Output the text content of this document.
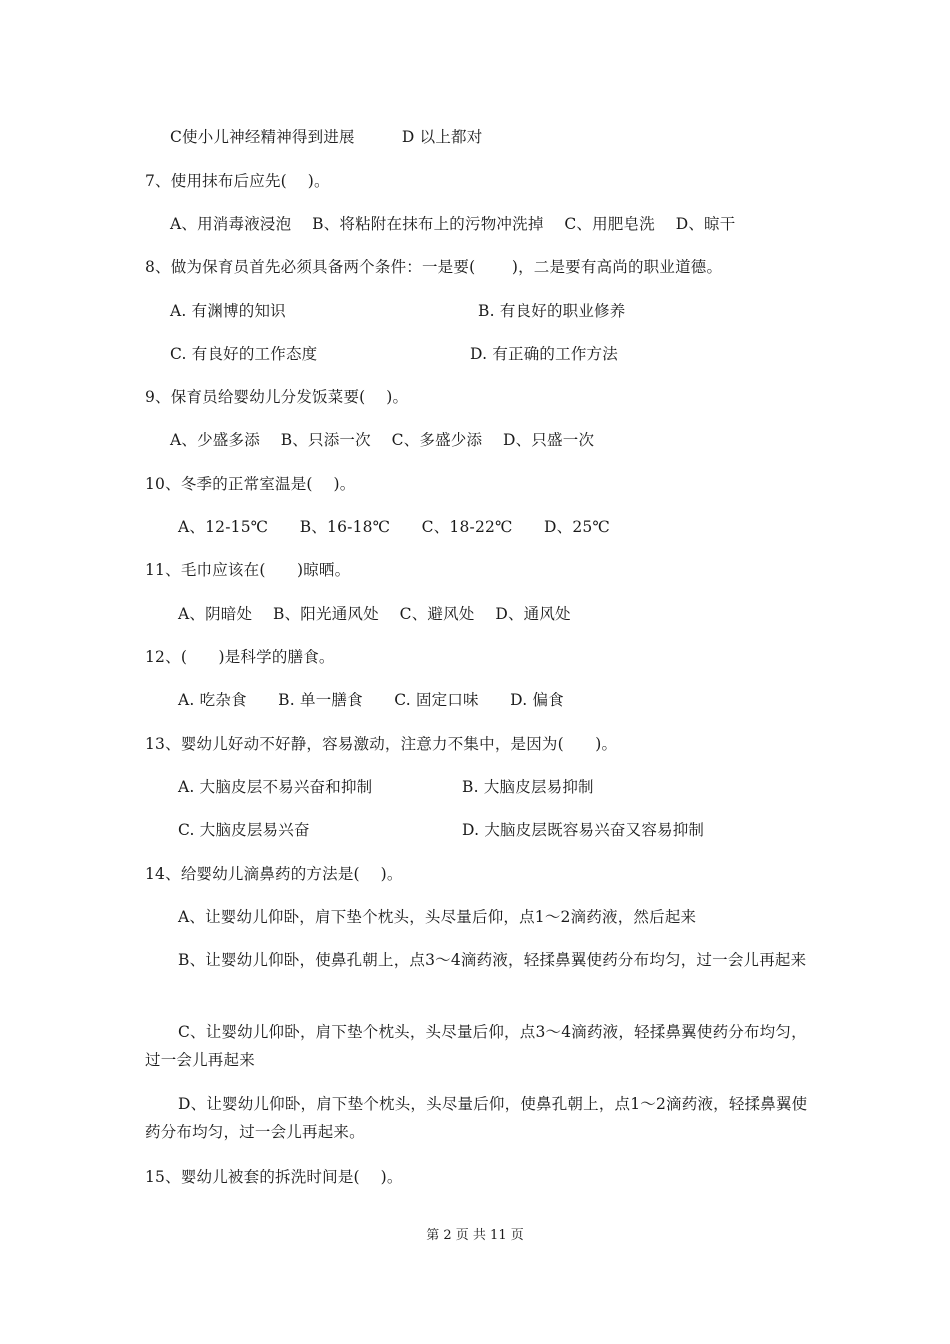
C使小儿神经精神得到进展　　　D 以上都对
7、使用抹布后应先(　 )。
A、用消毒液浸泡　 B、将粘附在抹布上的污物冲洗掉　 C、用肥皂洗　 D、晾干
8、做为保育员首先必须具备两个条件：一是要(　　 )，二是要有高尚的职业道德。
A. 有渊博的知识	B. 有良好的职业修养
C. 有良好的工作态度	D. 有正确的工作方法
9、保育员给婴幼儿分发饭菜要(　 )。
A、少盛多添　 B、只添一次　 C、多盛少添　 D、只盛一次
10、冬季的正常室温是(　 )。
A、12-15℃　　B、16-18℃　　C、18-22℃　　D、25℃
11、毛巾应该在(　　)晾晒。
A、阴暗处　 B、阳光通风处　 C、避风处　 D、通风处
12、(　　)是科学的膳食。
A. 吃杂食　　B. 单一膳食　　C. 固定口味　　D. 偏食
13、婴幼儿好动不好静，容易激动，注意力不集中，是因为(　　)。
A. 大脑皮层不易兴奋和抑制	B. 大脑皮层易抑制
C. 大脑皮层易兴奋	D. 大脑皮层既容易兴奋又容易抑制
14、给婴幼儿滴鼻药的方法是(　 )。
A、让婴幼儿仰卧，肩下垫个枕头，头尽量后仰，点1～2滴药液，然后起来
B、让婴幼儿仰卧，使鼻孔朝上，点3～4滴药液，轻揉鼻翼使药分布均匀，过一会儿再起来
C、让婴幼儿仰卧，肩下垫个枕头，头尽量后仰，点3～4滴药液，轻揉鼻翼使药分布均匀，过一会儿再起来
D、让婴幼儿仰卧，肩下垫个枕头，头尽量后仰，使鼻孔朝上，点1～2滴药液，轻揉鼻翼使药分布均匀，过一会儿再起来。
15、婴幼儿被套的拆洗时间是(　 )。
第 2 页 共 11 页
